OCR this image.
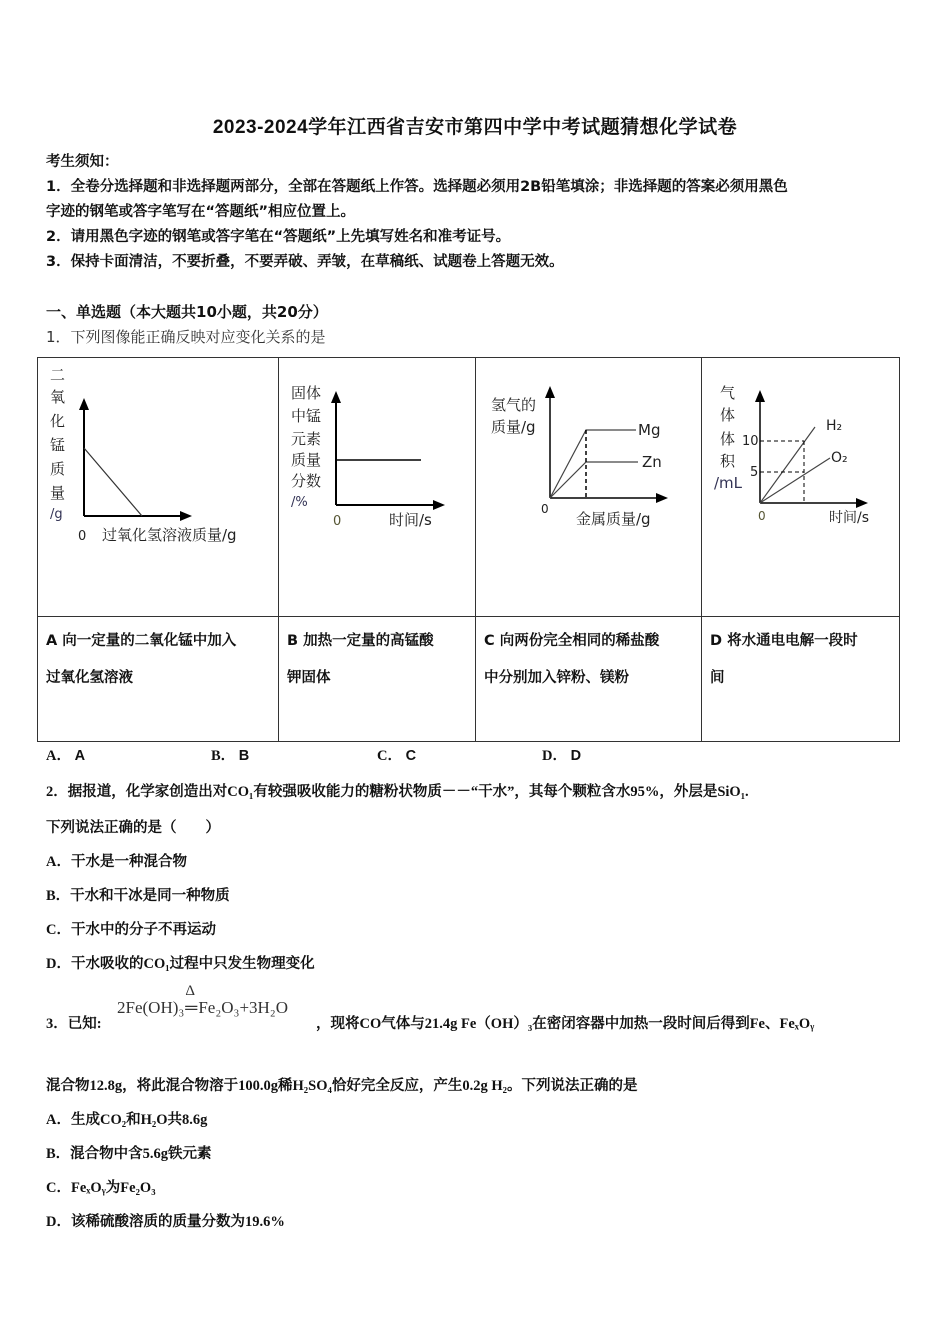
2023-2024学年江西省吉安市第四中学中考试题猜想化学试卷
考生须知：
1．全卷分选择题和非选择题两部分，全部在答题纸上作答。选择题必须用2B铅笔填涂；非选择题的答案必须用黑色
字迹的钢笔或答字笔写在“答题纸”相应位置上。
2．请用黑色字迹的钢笔或答字笔在“答题纸”上先填写姓名和准考证号。
3．保持卡面清洁，不要折叠，不要弄破、弄皱，在草稿纸、试题卷上答题无效。
一、单选题（本大题共10小题，共20分）
1．下列图像能正确反映对应变化关系的是
二
氧
化
锰
质
量
/g
0 过氧化氢溶液质量/g

固体
中锰
元素
质量
分数
/%
0	时间/s

氢气的
质量/g
0
金属质量/g
Mg
Zn

气
体
体
积
/mL
10
5
0	时间/s
H₂
O₂

A 向一定量的二氧化锰中加入
过氧化氢溶液

B 加热一定量的高锰酸
钾固体

C 向两份完全相同的稀盐酸
中分别加入锌粉、镁粉

D 将水通电电解一段时
间
A． A	B． B	C． C	D． D
2．据报道，化学家创造出对CO₁有较强吸收能力的糖粉状物质－－“干水”，其每个颗粒含水95%，外层是SiO₁.
下列说法正确的是（　　）
A．干水是一种混合物
B．干水和干冰是同一种物质
C．干水中的分子不再运动
D．干水吸收的CO₁过程中只发生物理变化
3．已知:
2Fe(OH)₃
Δ
═Fe₂O₃+3H₂O
，现将CO气体与21.4g Fe（OH）₃在密闭容器中加热一段时间后得到Fe、FeₓOᵧ
混合物12.8g，将此混合物溶于100.0g稀H₂SO₄恰好完全反应，产生0.2g H₂。下列说法正确的是
A．生成CO₂和H₂O共8.6g
B．混合物中含5.6g铁元素
C．FeₓOᵧ为Fe₂O₃
D．该稀硫酸溶质的质量分数为19.6%
